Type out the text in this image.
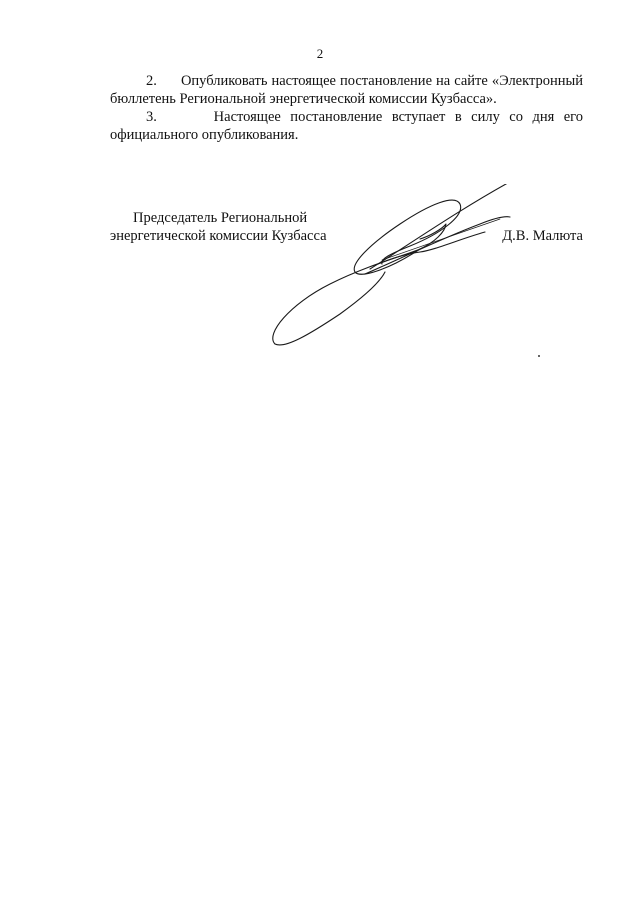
2

2. Опубликовать настоящее постановление на сайте «Электронный бюллетень Региональной энергетической комиссии Кузбасса».

3.	Настоящее постановление вступает в силу со дня его официального опубликования.

Председатель Региональной
энергетической комиссии Кузбасса	Д.В. Малюта
